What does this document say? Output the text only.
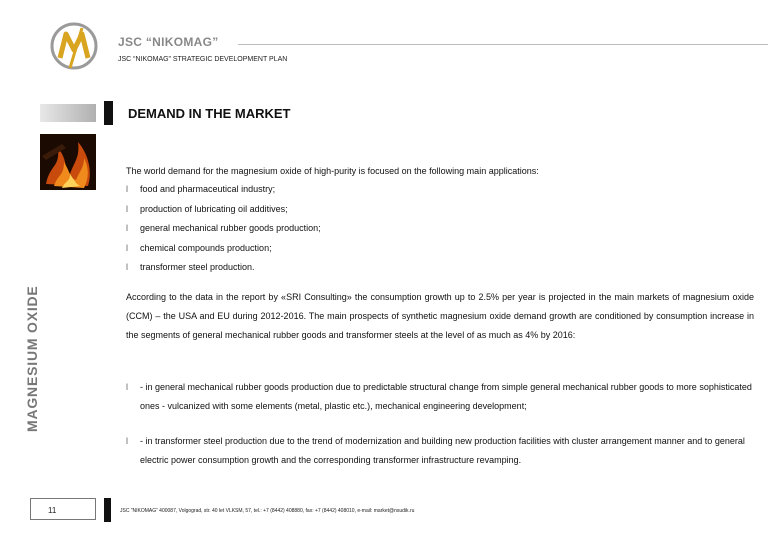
JSC “NIKOMAG”
JSC “NIKOMAG” STRATEGIC DEVELOPMENT PLAN
DEMAND IN THE MARKET
MAGNESIUM OXIDE
The world demand for the magnesium oxide of high-purity is focused on the following main applications:
l	food and pharmaceutical industry;
l	production of lubricating oil additives;
l	general mechanical rubber goods production;
l	chemical compounds production;
l	transformer steel production.
According to the data in the report by «SRI Consulting» the consumption growth up to 2.5% per year is projected in the main markets of magnesium oxide (CCM) – the USA and EU during 2012-2016. The main prospects of synthetic magnesium oxide demand growth are conditioned by consumption increase in the segments of general mechanical rubber goods and transformer steels at the level of as much as 4% by 2016:
l	- in general mechanical rubber goods production due to predictable structural change from simple general mechanical rubber goods to more sophisticated ones - vulcanized with some elements (metal, plastic etc.), mechanical engineering development;
l	- in transformer steel production due to the trend of modernization and building new production facilities with cluster arrangement manner and to general electric power consumption growth and the corresponding transformer infrastructure revamping.
11	JSC “NIKOMAG” 400087, Volgograd, str. 40 let VLKSM, 57, tel.: +7 (8442) 408880, fax: +7 (8442) 408010, e-mail: market@nsudik.ru
